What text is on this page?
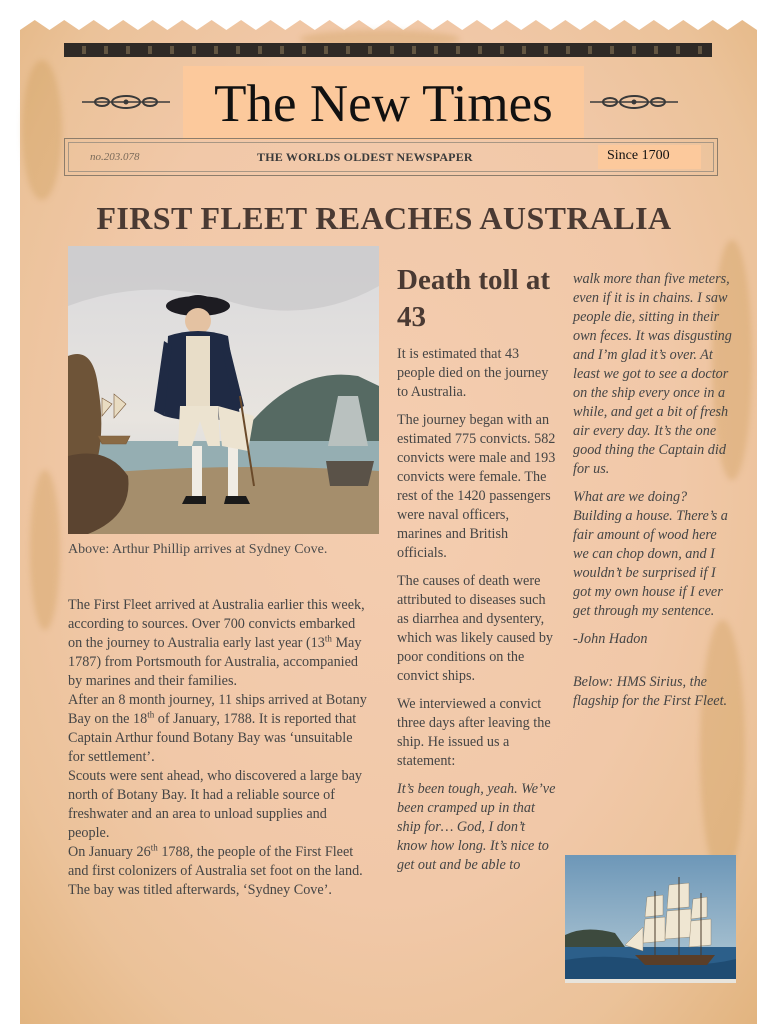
The New Times
no.203.078	THE WORLDS OLDEST NEWSPAPER	Since 1700
FIRST FLEET REACHES AUSTRALIA
Above: Arthur Phillip arrives at Sydney Cove.

The First Fleet arrived at Australia earlier this week, according to sources. Over 700 convicts embarked on the journey to Australia early last year (13th May 1787) from Portsmouth for Australia, accompanied by marines and their families.

After an 8 month journey, 11 ships arrived at Botany Bay on the 18th of January, 1788. It is reported that Captain Arthur found Botany Bay was ‘unsuitable for settlement’.

Scouts were sent ahead, who discovered a large bay north of Botany Bay. It had a reliable source of freshwater and an area to unload supplies and people.

On January 26th 1788, the people of the First Fleet and first colonizers of Australia set foot on the land. The bay was titled afterwards, ‘Sydney Cove’.

Death toll at 43

It is estimated that 43 people died on the journey to Australia.

The journey began with an estimated 775 convicts. 582 convicts were male and 193 convicts were female. The rest of the 1420 passengers were naval officers, marines and British officials.

The causes of death were attributed to diseases such as diarrhea and dysentery, which was likely caused by poor conditions on the convict ships.

We interviewed a convict three days after leaving the ship. He issued us a statement:

It’s been tough, yeah. We’ve been cramped up in that ship for… God, I don’t know how long. It’s nice to get out and be able to

walk more than five meters, even if it is in chains. I saw people die, sitting in their own feces. It was disgusting and I’m glad it’s over. At least we got to see a doctor on the ship every once in a while, and get a bit of fresh air every day. It’s the one good thing the Captain did for us.

What are we doing? Building a house. There’s a fair amount of wood here we can chop down, and I wouldn’t be surprised if I got my own house if I ever get through my sentence.

-John Hadon

Below: HMS Sirius, the flagship for the First Fleet.
